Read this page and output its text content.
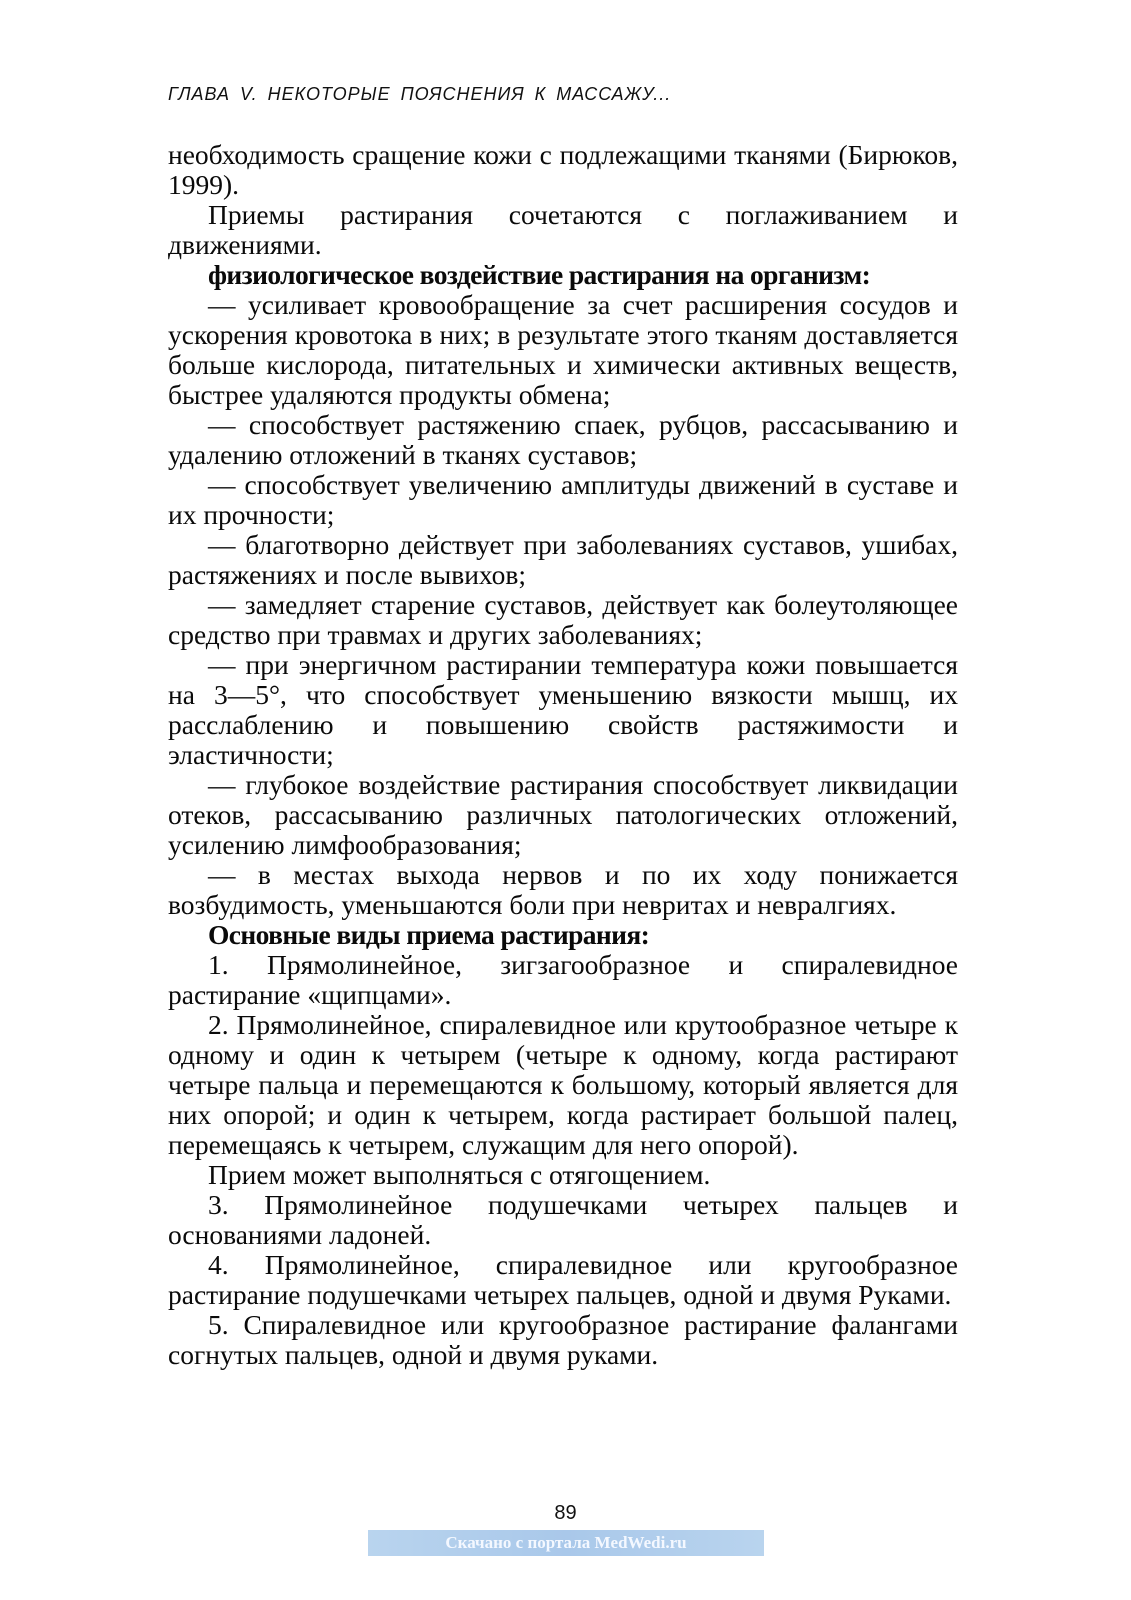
ГЛАВА V. НЕКОТОРЫЕ ПОЯСНЕНИЯ К МАССАЖУ...

необходимость сращение кожи с подлежащими тканями (Бирюков, 1999).

Приемы растирания сочетаются с поглаживанием и движениями.

физиологическое воздействие растирания на организм:

— усиливает кровообращение за счет расширения сосудов и ускорения кровотока в них; в результате этого тканям доставляется больше кислорода, питательных и химически активных веществ, быстрее удаляются продукты обмена;

— способствует растяжению спаек, рубцов, рассасыванию и удалению отложений в тканях суставов;

— способствует увеличению амплитуды движений в суставе и их прочности;

— благотворно действует при заболеваниях суставов, ушибах, растяжениях и после вывихов;

— замедляет старение суставов, действует как болеутоляющее средство при травмах и других заболеваниях;

— при энергичном растирании температура кожи повышается на 3—5°, что способствует уменьшению вязкости мышц, их расслаблению и повышению свойств растяжимости и эластичности;

— глубокое воздействие растирания способствует ликвидации отеков, рассасыванию различных патологических отложений, усилению лимфообразования;

— в местах выхода нервов и по их ходу понижается возбудимость, уменьшаются боли при невритах и невралгиях.

Основные виды приема растирания:

1. Прямолинейное, зигзагообразное и спиралевидное растирание «щипцами».

2. Прямолинейное, спиралевидное или крутообразное четыре к одному и один к четырем (четыре к одному, когда растирают четыре пальца и перемещаются к большому, который является для них опорой; и один к четырем, когда растирает большой палец, перемещаясь к четырем, служащим для него опорой).

Прием может выполняться с отягощением.

3. Прямолинейное подушечками четырех пальцев и основаниями ладоней.

4. Прямолинейное, спиралевидное или кругообразное растирание подушечками четырех пальцев, одной и двумя Руками.

5. Спиралевидное или кругообразное растирание фалангами согнутых пальцев, одной и двумя руками.

89
Скачано с портала MedWedi.ru
